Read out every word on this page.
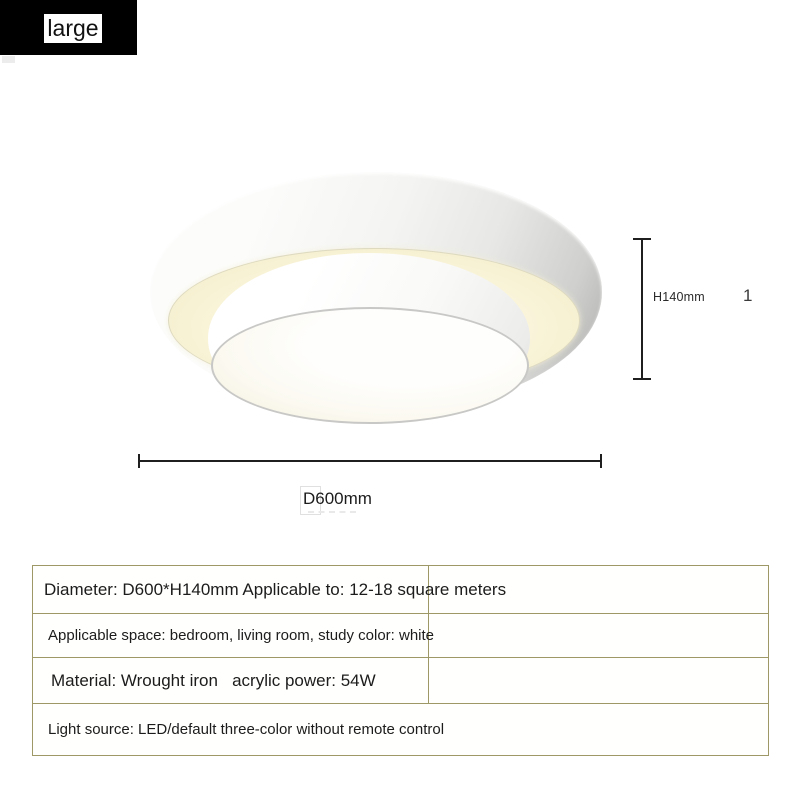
large
H140mm 1
D600mm
Diameter: D600*H140mm Applicable to: 12-18 square meters
Applicable space: bedroom, living room, study color: white
Material: Wrought iron   acrylic power: 54W
Light source: LED/default three-color without remote control
